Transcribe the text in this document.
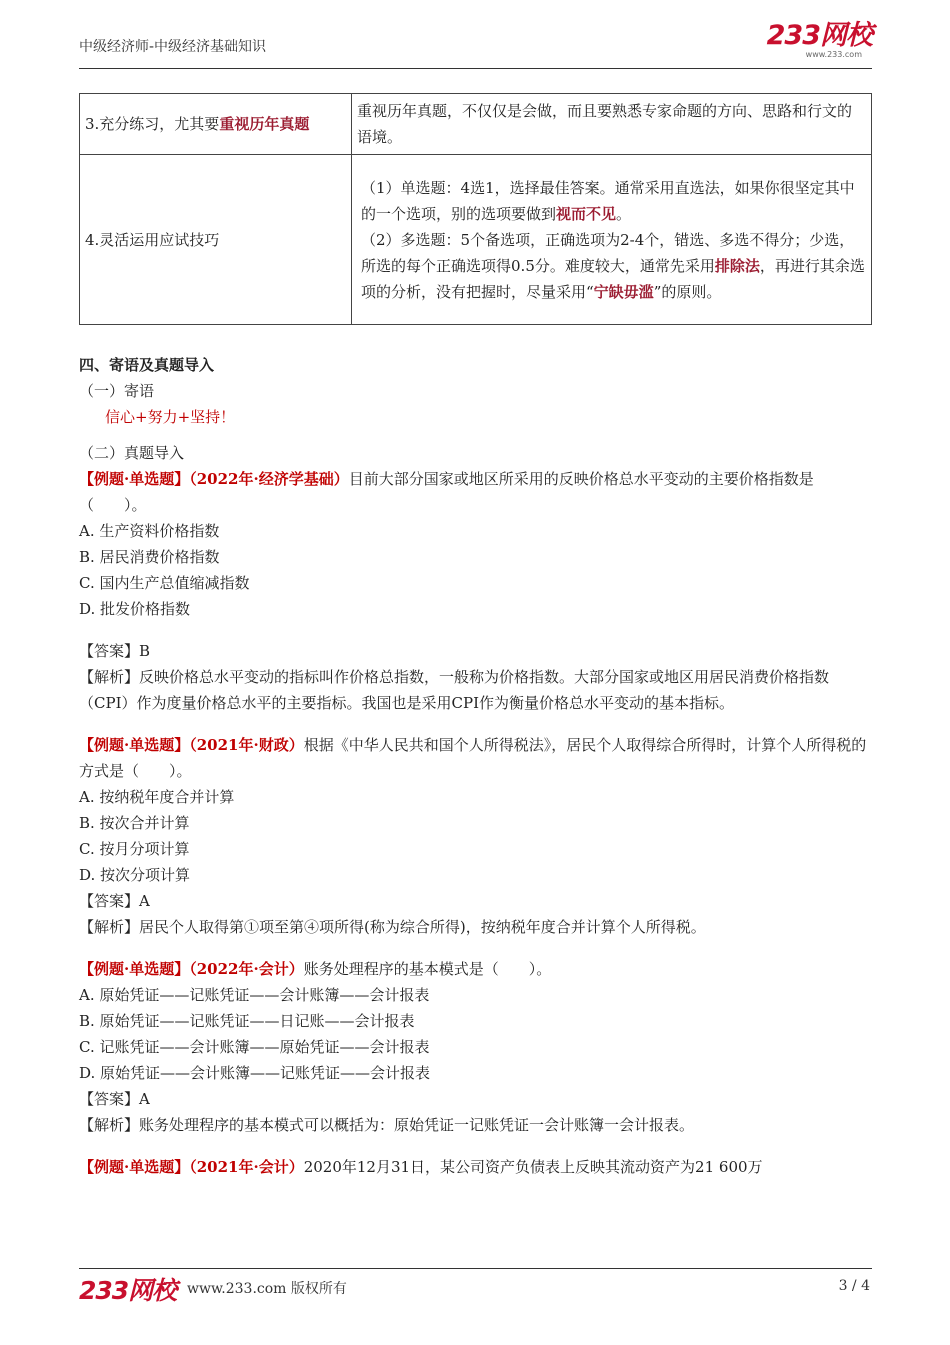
中级经济师-中级经济基础知识	233网校
www.233.com
3.充分练习，尤其要重视历年真题	重视历年真题，不仅仅是会做，而且要熟悉专家命题的方向、思路和行文的语境。
4.灵活运用应试技巧	（1）单选题：4选1，选择最佳答案。通常采用直选法，如果你很坚定其中的一个选项，别的选项要做到视而不见。
（2）多选题：5个备选项，正确选项为2-4个，错选、多选不得分；少选，所选的每个正确选项得0.5分。难度较大，通常先采用排除法，再进行其余选项的分析，没有把握时，尽量采用“宁缺毋滥”的原则。

四、寄语及真题导入

（一）寄语

信心+努力+坚持！

（二）真题导入

【例题·单选题】（2022年·经济学基础）目前大部分国家或地区所采用的反映价格总水平变动的主要价格指数是（　　）。

A. 生产资料价格指数

B. 居民消费价格指数

C. 国内生产总值缩减指数

D. 批发价格指数

【答案】B

【解析】反映价格总水平变动的指标叫作价格总指数，一般称为价格指数。大部分国家或地区用居民消费价格指数（CPI）作为度量价格总水平的主要指标。我国也是采用CPI作为衡量价格总水平变动的基本指标。

【例题·单选题】（2021年·财政）根据《中华人民共和国个人所得税法》，居民个人取得综合所得时，计算个人所得税的方式是（　　）。

A. 按纳税年度合并计算

B. 按次合并计算

C. 按月分项计算

D. 按次分项计算

【答案】A

【解析】居民个人取得第①项至第④项所得(称为综合所得)，按纳税年度合并计算个人所得税。

【例题·单选题】（2022年·会计）账务处理程序的基本模式是（　　）。

A. 原始凭证——记账凭证——会计账簿——会计报表

B. 原始凭证——记账凭证——日记账——会计报表

C. 记账凭证——会计账簿——原始凭证——会计报表

D. 原始凭证——会计账簿——记账凭证——会计报表

【答案】A

【解析】账务处理程序的基本模式可以概括为：原始凭证一记账凭证一会计账簿一会计报表。

【例题·单选题】（2021年·会计）2020年12月31日，某公司资产负债表上反映其流动资产为21 600万

233网校 www.233.com 版权所有	3 / 4
